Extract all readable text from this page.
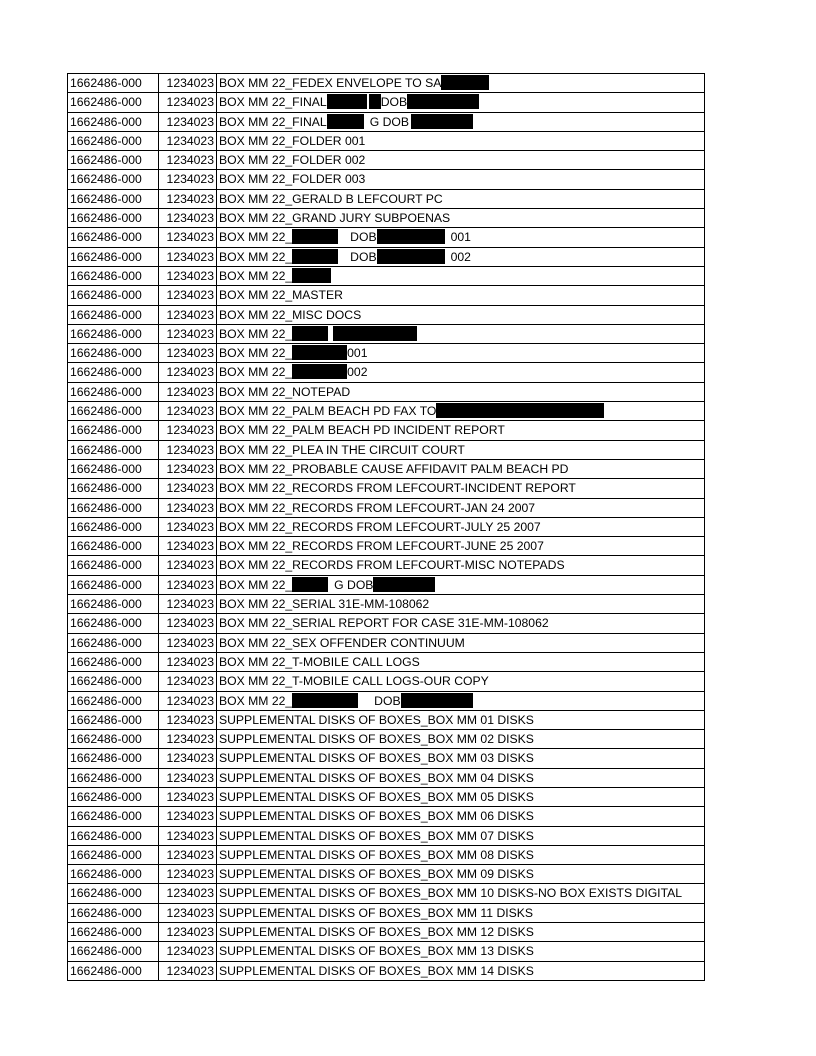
1662486-000	1234023	BOX MM 22_FEDEX ENVELOPE TO SA
1662486-000	1234023	BOX MM 22_FINAL DOB
1662486-000	1234023	BOX MM 22_FINAL G DOB
1662486-000	1234023	BOX MM 22_FOLDER 001
1662486-000	1234023	BOX MM 22_FOLDER 002
1662486-000	1234023	BOX MM 22_FOLDER 003
1662486-000	1234023	BOX MM 22_GERALD B LEFCOURT PC
1662486-000	1234023	BOX MM 22_GRAND JURY SUBPOENAS
1662486-000	1234023	BOX MM 22_ DOB 001
1662486-000	1234023	BOX MM 22_ DOB 002
1662486-000	1234023	BOX MM 22_
1662486-000	1234023	BOX MM 22_MASTER
1662486-000	1234023	BOX MM 22_MISC DOCS
1662486-000	1234023	BOX MM 22_
1662486-000	1234023	BOX MM 22_ 001
1662486-000	1234023	BOX MM 22_ 002
1662486-000	1234023	BOX MM 22_NOTEPAD
1662486-000	1234023	BOX MM 22_PALM BEACH PD FAX TO
1662486-000	1234023	BOX MM 22_PALM BEACH PD INCIDENT REPORT
1662486-000	1234023	BOX MM 22_PLEA IN THE CIRCUIT COURT
1662486-000	1234023	BOX MM 22_PROBABLE CAUSE AFFIDAVIT PALM BEACH PD
1662486-000	1234023	BOX MM 22_RECORDS FROM LEFCOURT-INCIDENT REPORT
1662486-000	1234023	BOX MM 22_RECORDS FROM LEFCOURT-JAN 24 2007
1662486-000	1234023	BOX MM 22_RECORDS FROM LEFCOURT-JULY 25 2007
1662486-000	1234023	BOX MM 22_RECORDS FROM LEFCOURT-JUNE 25 2007
1662486-000	1234023	BOX MM 22_RECORDS FROM LEFCOURT-MISC NOTEPADS
1662486-000	1234023	BOX MM 22_ G DOB
1662486-000	1234023	BOX MM 22_SERIAL 31E-MM-108062
1662486-000	1234023	BOX MM 22_SERIAL REPORT FOR CASE 31E-MM-108062
1662486-000	1234023	BOX MM 22_SEX OFFENDER CONTINUUM
1662486-000	1234023	BOX MM 22_T-MOBILE CALL LOGS
1662486-000	1234023	BOX MM 22_T-MOBILE CALL LOGS-OUR COPY
1662486-000	1234023	BOX MM 22_ DOB
1662486-000	1234023	SUPPLEMENTAL DISKS OF BOXES_BOX MM 01 DISKS
1662486-000	1234023	SUPPLEMENTAL DISKS OF BOXES_BOX MM 02 DISKS
1662486-000	1234023	SUPPLEMENTAL DISKS OF BOXES_BOX MM 03 DISKS
1662486-000	1234023	SUPPLEMENTAL DISKS OF BOXES_BOX MM 04 DISKS
1662486-000	1234023	SUPPLEMENTAL DISKS OF BOXES_BOX MM 05 DISKS
1662486-000	1234023	SUPPLEMENTAL DISKS OF BOXES_BOX MM 06 DISKS
1662486-000	1234023	SUPPLEMENTAL DISKS OF BOXES_BOX MM 07 DISKS
1662486-000	1234023	SUPPLEMENTAL DISKS OF BOXES_BOX MM 08 DISKS
1662486-000	1234023	SUPPLEMENTAL DISKS OF BOXES_BOX MM 09 DISKS
1662486-000	1234023	SUPPLEMENTAL DISKS OF BOXES_BOX MM 10 DISKS-NO BOX EXISTS DIGITAL
1662486-000	1234023	SUPPLEMENTAL DISKS OF BOXES_BOX MM 11 DISKS
1662486-000	1234023	SUPPLEMENTAL DISKS OF BOXES_BOX MM 12 DISKS
1662486-000	1234023	SUPPLEMENTAL DISKS OF BOXES_BOX MM 13 DISKS
1662486-000	1234023	SUPPLEMENTAL DISKS OF BOXES_BOX MM 14 DISKS
